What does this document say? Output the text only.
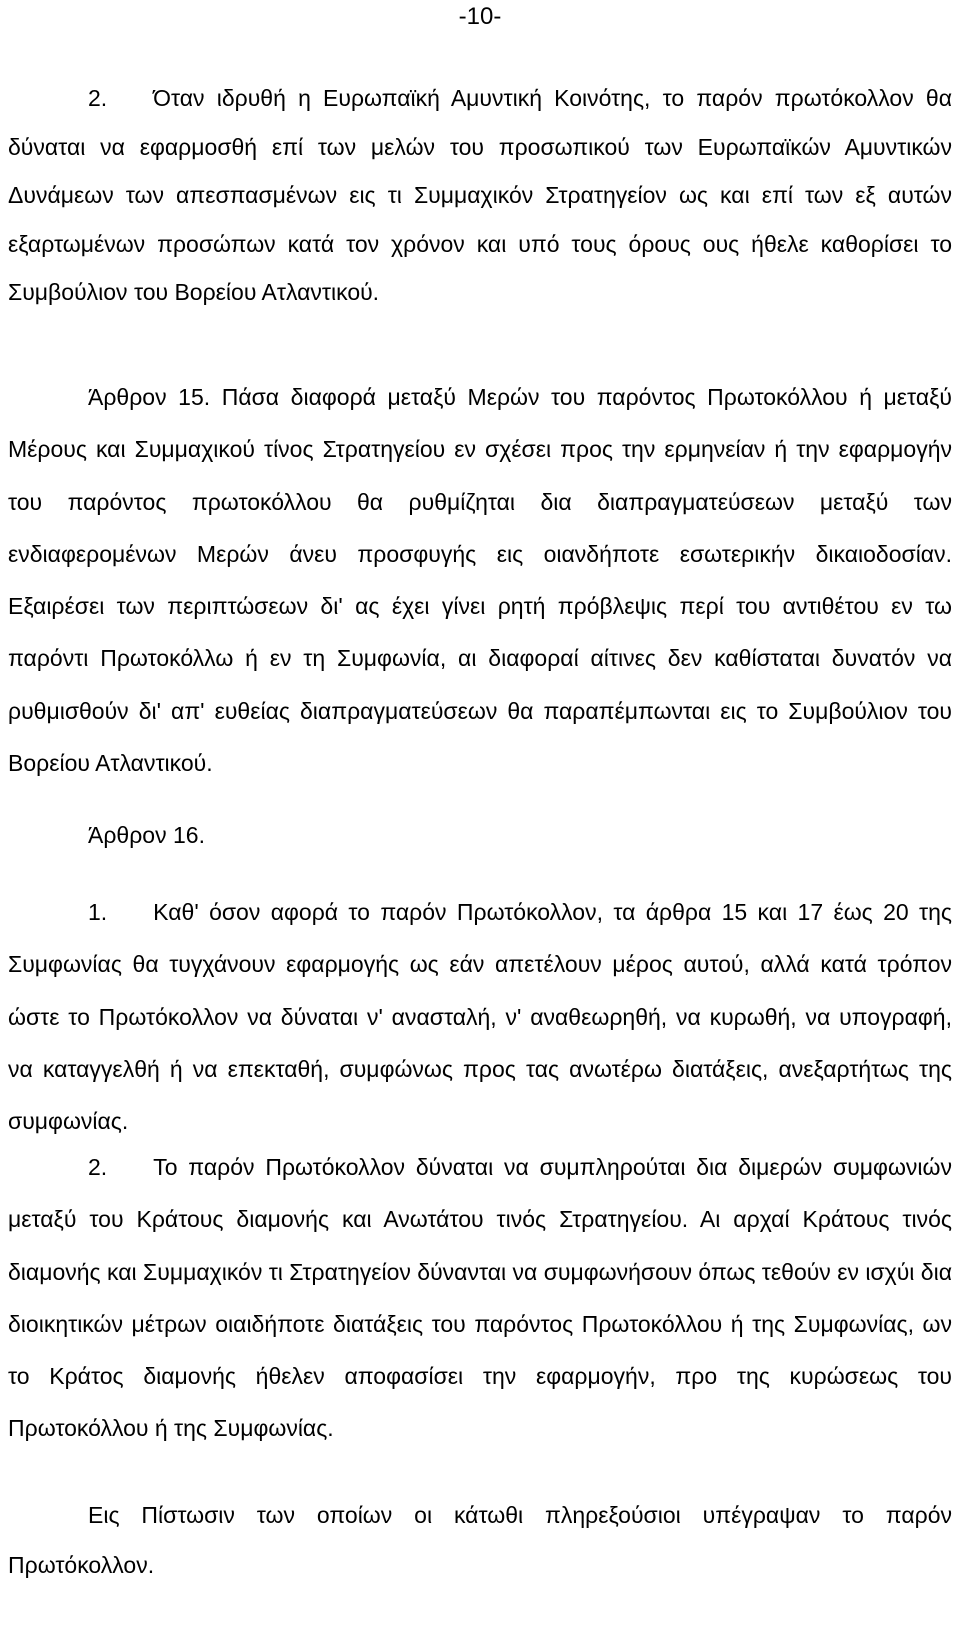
-10-

2.  Όταν ιδρυθή η Ευρωπαϊκή Αμυντική Κοινότης, το παρόν πρωτόκολλον θα δύναται να εφαρμοσθή επί των μελών του προσωπικού των Ευρωπαϊκών Αμυντικών Δυνάμεων των απεσπασμένων εις τι Συμμαχικόν Στρατηγείον ως και επί των εξ αυτών εξαρτωμένων προσώπων κατά τον χρόνον και υπό τους όρους ους ήθελε καθορίσει το Συμβούλιον του Βορείου Ατλαντικού.

Άρθρον 15. Πάσα διαφορά μεταξύ Μερών του παρόντος Πρωτοκόλλου ή μεταξύ Μέρους και Συμμαχικού τίνος Στρατηγείου εν σχέσει προς την ερμηνείαν ή την εφαρμογήν του παρόντος πρωτοκόλλου θα ρυθμίζηται δια διαπραγματεύσεων μεταξύ των ενδιαφερομένων Μερών άνευ προσφυγής εις οιανδήποτε εσωτερικήν δικαιοδοσίαν. Εξαιρέσει των περιπτώσεων δι' ας έχει γίνει ρητή πρόβλεψις περί του αντιθέτου εν τω παρόντι Πρωτοκόλλω ή εν τη Συμφωνία, αι διαφοραί αίτινες δεν καθίσταται δυνατόν να ρυθμισθούν δι' απ' ευθείας διαπραγματεύσεων θα παραπέμπωνται εις το Συμβούλιον του Βορείου Ατλαντικού.

Άρθρον 16.

1.  Καθ' όσον αφορά το παρόν Πρωτόκολλον, τα άρθρα 15 και 17 έως 20 της Συμφωνίας θα τυγχάνουν εφαρμογής ως εάν απετέλουν μέρος αυτού, αλλά κατά τρόπον ώστε το Πρωτόκολλον να δύναται ν' ανασταλή, ν' αναθεωρηθή, να κυρωθή, να υπογραφή, να καταγγελθή ή να επεκταθή, συμφώνως προς τας ανωτέρω διατάξεις, ανεξαρτήτως της συμφωνίας.

2.  Το παρόν Πρωτόκολλον δύναται να συμπληρούται δια διμερών συμφωνιών μεταξύ του Κράτους διαμονής και Ανωτάτου τινός Στρατηγείου. Αι αρχαί Κράτους τινός διαμονής και Συμμαχικόν τι Στρατηγείον δύνανται να συμφωνήσουν όπως τεθούν εν ισχύι δια διοικητικών μέτρων οιαιδήποτε διατάξεις του παρόντος Πρωτοκόλλου ή της Συμφωνίας, ων το Κράτος διαμονής ήθελεν αποφασίσει την εφαρμογήν, προ της κυρώσεως του Πρωτοκόλλου ή της Συμφωνίας.

Εις Πίστωσιν των οποίων οι κάτωθι πληρεξούσιοι υπέγραψαν το παρόν Πρωτόκολλον.
